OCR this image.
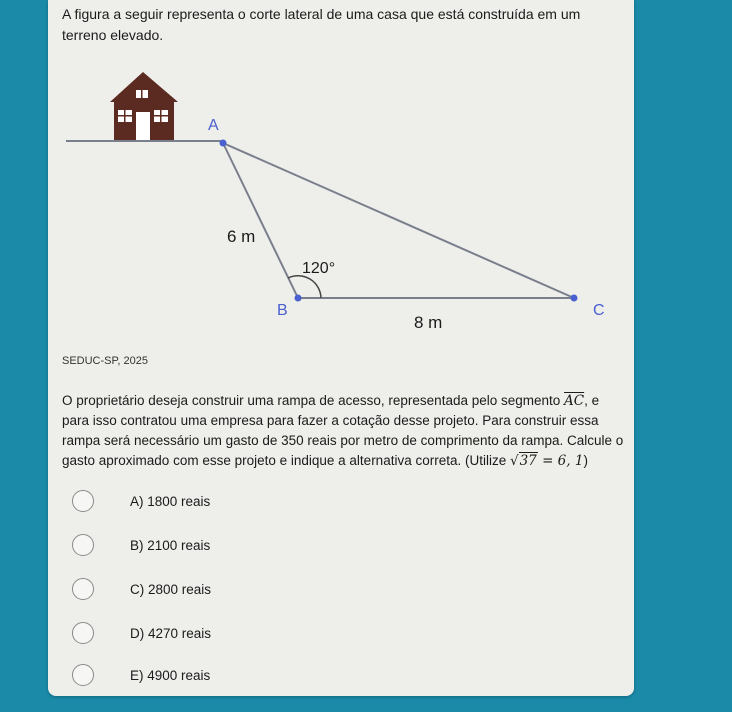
A figura a seguir representa o corte lateral de uma casa que está construída em um terreno elevado.
A
B	C
6 m
8 m
120°
SEDUC-SP, 2025
O proprietário deseja construir uma rampa de acesso, representada pelo segmento $\overline{AC}$, e para isso contratou uma empresa para fazer a cotação desse projeto. Para construir essa rampa será necessário um gasto de 350 reais por metro de comprimento da rampa. Calcule o gasto aproximado com esse projeto e indique a alternativa correta. (Utilize √37 = 6, 1)
A) 1800 reais
B) 2100 reais
C) 2800 reais
D) 4270 reais
E) 4900 reais
